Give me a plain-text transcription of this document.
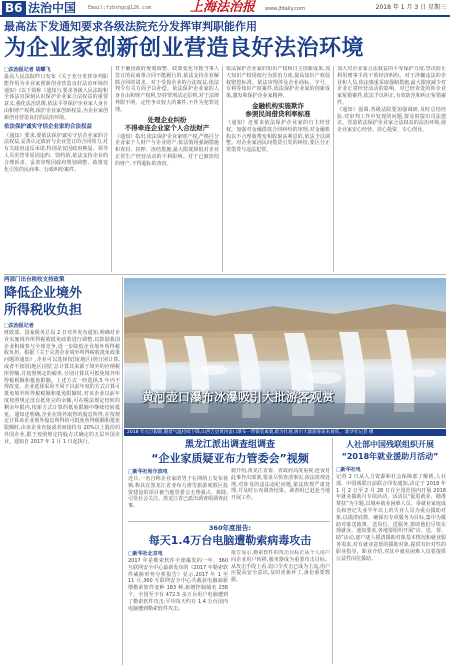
B6 法治中国 Email:fzbshgc@126.com	上海法治报 www.jfdaily.com	2018 年 1 月 3 日 星期三
最高法下发通知要求各级法院充分发挥审判职能作用
为企业家创新创业营造良好法治环境
□法治报记者 胡蝶飞
最高人民法院昨日发布《关于充分发挥审判职能作用为企业家创新创业营造良好法治环境的通知》(以下简称《通知》),要求各级人民法院和全体法官深刻认识保护企业家合法权益的重要意义,强化法治思维,依法平等保护企业家人身自由和财产权利,保护企业家创新权益,为企业家创新创业营造良好的法治环境。
依法保护诚实守信企业家的合法权益
《通知》要求,要依法保护诚实守信企业家的合法权益,妥善认定政府与企业签订的合同效力,对有关政府违反承诺,特别是仅因政府换届、领导人员更替等原因违约、毁约的,依法支持企业的合理诉求。妥善审理因政府规划调整、政策变化引发的民商事、行政纠纷案件。
对于确因政府规划调整、政策变化导致当事人签订的民商事合同不能履行的,依法支持企业解除合同的请求。对于受损企业的合法权益,依法判令有关方面予以补偿。依法保护企业家的人身自由和财产权利,坚持罪刑法定原则,对于法律界限不明、定性争议较大的案件,不作为犯罪处理。
处理企业纠纷
不得牵连企业家个人合法财产
《通知》指出,依法保护企业家财产权,严格区分企业家个人财产与企业财产,依法慎用强制措施和查封、扣押、冻结措施,最大限度降低对企业正常生产经营活动的不利影响。对于已被冻结的财产,不得超标的查封。
依法保护企业家的知识产权和自主创新成果,加大知识产权侵权行为惩治力度,提高知识产权侵权赔偿标准。依法审理涉及企业商标、字号、专利等知识产权案件,依法保护企业家的创新成果,激发和保护企业家精神。
金融机构实施欺诈
参照民间借贷利率标准
《通知》还要求依法保护企业家的自主经营权。加强对金融借款合同纠纷的审理,对金融机构以不合理收费变相收取高利息的,依法予以调整。对企业家因民间借贷引发的纠纷,要区分正常借贷与违法犯罪。
加大对企业家合法权益的平等保护力度,坚决防止利用刑事手段干预经济纠纷。对于涉嫌违法的企业和人员,依法慎重采取强制措施,最大限度减少对企业正常经营活动的影响。对已经查处的涉企业家冤错案件,依法予以纠正,有效防范和纠正冤错案件。
《通知》强调,各级法院要加强调研,及时总结经验,对审判工作中发现的问题,要及时提出司法建议。营造依法保护企业家合法权益的法治环境,使企业家安心经营、放心投资、专心创业。
两部门出台税收支持政策
降低企业境外
所得税收负担
□法治报记者
财政部、国家税务总局 2 日对外发布通知,明确对企业实施境外所得税收抵免政策进行调整,以鼓励我国企业积极参与全球竞争,进一步降低企业境外所得税收负担。根据《关于完善企业境外所得税收抵免政策问题的通知》,企业可以选择按国(地区)别分别计算,或者不按国(地区)别汇总计算其来源于境外的应纳税所得额,并按照规定的税率,分别计算其可抵免境外所得税税额和抵免限额。上述方式一经选择,5 年内不得改变。企业选择采用不同于以前年度的方式计算可抵免境外所得税税额和抵免限额时,对该企业以前年度按照规定没有抵免完的余额,可在税法规定结转的剩余年限内,按新方式计算的抵免限额中继续结转抵免。通知还明确,企业在境外取得的股息所得,在按规定计算该企业境外股息所得的可抵免所得税额和抵免限额时,由该企业直接或者间接持有 20%以上股份的外国企业,限于按照规定持股方式确定的五层外国企业。通知自 2017 年 1 月 1 日起执行。
黄河壶口瀑布冰瀑吸引大批游客观赏
2018 年元旦假期,随着气温持续下降,山西吉县黄河壶口瀑布一带银装素裹,蔚为壮观,吸引大量游客前来观赏。 新华社记者 摄
黑龙江派出调查组调查
“企业家质疑亚布力管委会”视频
□新华社哈尔滨电
近日,一名自称企业家的男子在网络上发布视频,称其在黑龙江省亚布力滑雪旅游度假区投资建设的项目被当地管委会无理强占、拆除,引发社会关注。黑龙江省已派出调查组调查此事。
据介绍,黄龙江省委、省政府高度重视,连夜对此事作出部署,要求尽快查清事实,依法依规处理,对涉及的违法违纪问题,依法依规严肃处理,并及时公布调查结果。调查组已赶赴当地开展工作。
360年度报告:
每天1.4万台电脑遭勒索病毒攻击
□新华社北京电
2017 年是勒索软件全球爆发的一年。360 互联网安全中心最新发布的《2017 年勒索软件威胁形势分析报告》显示,2017 年 1 至 11 月,360 互联网安全中心共截获电脑端新增勒索软件变种 183 种,新增控制域名 238 个。全国至少有 472.5 多万台用户电脑遭到了勒索软件攻击,平均每天约有 1.4 万台国内电脑遭到勒索软件攻击。
报告显示,勒索软件的攻击目标正从个人用户向企业用户转移,服务器成为重要攻击目标。从攻击手段上看,弱口令攻击已成为主流,用户应提高安全意识,及时更新补丁,备份重要数据。
人社部中国残联组织开展
“2018年就业援助月活动”
□新华社电
记者 2 日从人力资源和社会保障部了解到,人社部、中国残联日前联合印发通知,决定于 2018 年 1 月 2 日至 2 月 28 日在全国范围内开展 2018 年就业援助月专项活动。活动以“促进就业、精准帮扶”为主题,以城乡就业困难人员、零就业家庭成员和登记失业半年以上的失业人员为重点援助对象,以摸清底数、确保有专项服务为目标,集中为援助对象送政策、送岗位、送服务,帮助他们尽快实现就业。通知要求,各地要组织开展“访、送、帮、助”活动,逐户逐人摸清援助对象基本情况和就业服务需求,对有就业意愿的援助对象,提供有针对性的职业指导、职业介绍,对其中就业困难人员要提供公益性岗位援助。
